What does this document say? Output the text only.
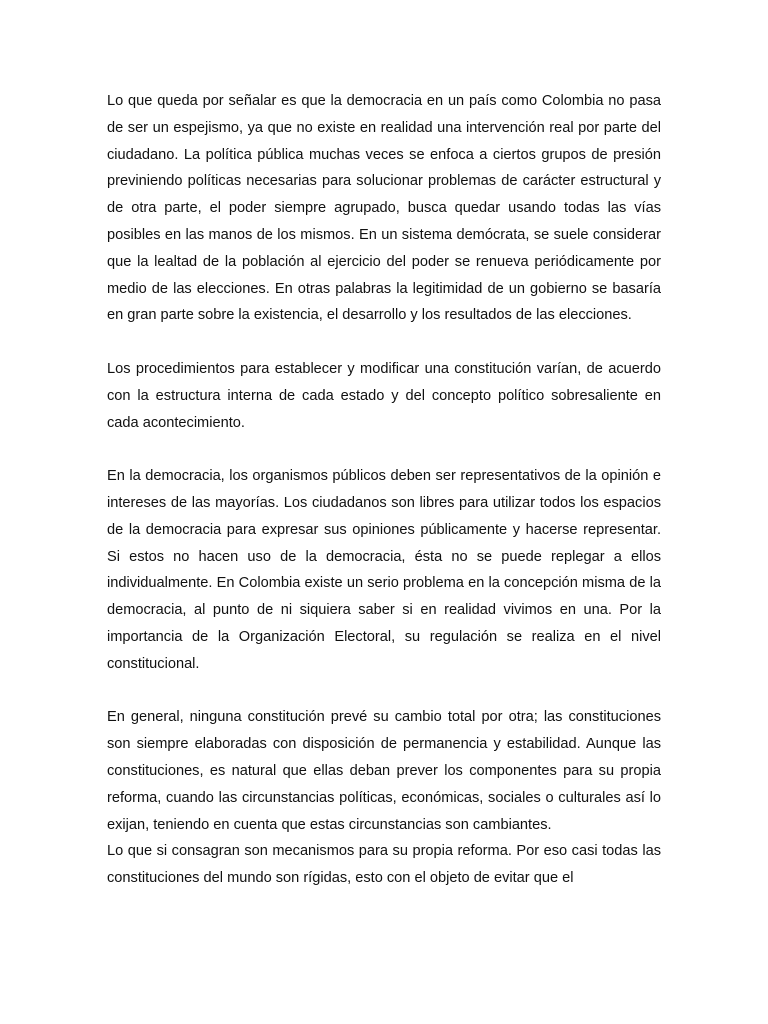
Lo que queda por señalar es que la democracia en un país como Colombia no pasa de ser un espejismo, ya que no existe en realidad una intervención real por parte del ciudadano. La política pública muchas veces se enfoca a ciertos grupos de presión previniendo políticas necesarias para solucionar problemas de carácter estructural y de otra parte, el poder siempre agrupado, busca quedar usando todas las vías posibles en las manos de los mismos. En un sistema demócrata, se suele considerar que la lealtad de la población al ejercicio del poder se renueva periódicamente por medio de las elecciones. En otras palabras la legitimidad de un gobierno se basaría en gran parte sobre la existencia, el desarrollo y los resultados de las elecciones.

Los procedimientos para establecer y modificar una constitución varían, de acuerdo con la estructura interna de cada estado y del concepto político sobresaliente en cada acontecimiento.

En la democracia, los organismos públicos deben ser representativos de la opinión e intereses de las mayorías. Los ciudadanos son libres para utilizar todos los espacios de la democracia para expresar sus opiniones públicamente y hacerse representar. Si estos no hacen uso de la democracia, ésta no se puede replegar a ellos individualmente. En Colombia existe un serio problema en la concepción misma de la democracia, al punto de ni siquiera saber si en realidad vivimos en una. Por la importancia de la Organización Electoral, su regulación se realiza en el nivel constitucional.

En general, ninguna constitución prevé su cambio total por otra; las constituciones son siempre elaboradas con disposición de permanencia y estabilidad. Aunque las constituciones, es natural que ellas deban prever los componentes para su propia reforma, cuando las circunstancias políticas, económicas, sociales o culturales así lo exijan, teniendo en cuenta que estas circunstancias son cambiantes.

Lo que si consagran son mecanismos para su propia reforma. Por eso casi todas las constituciones del mundo son rígidas, esto con el objeto de evitar que el
